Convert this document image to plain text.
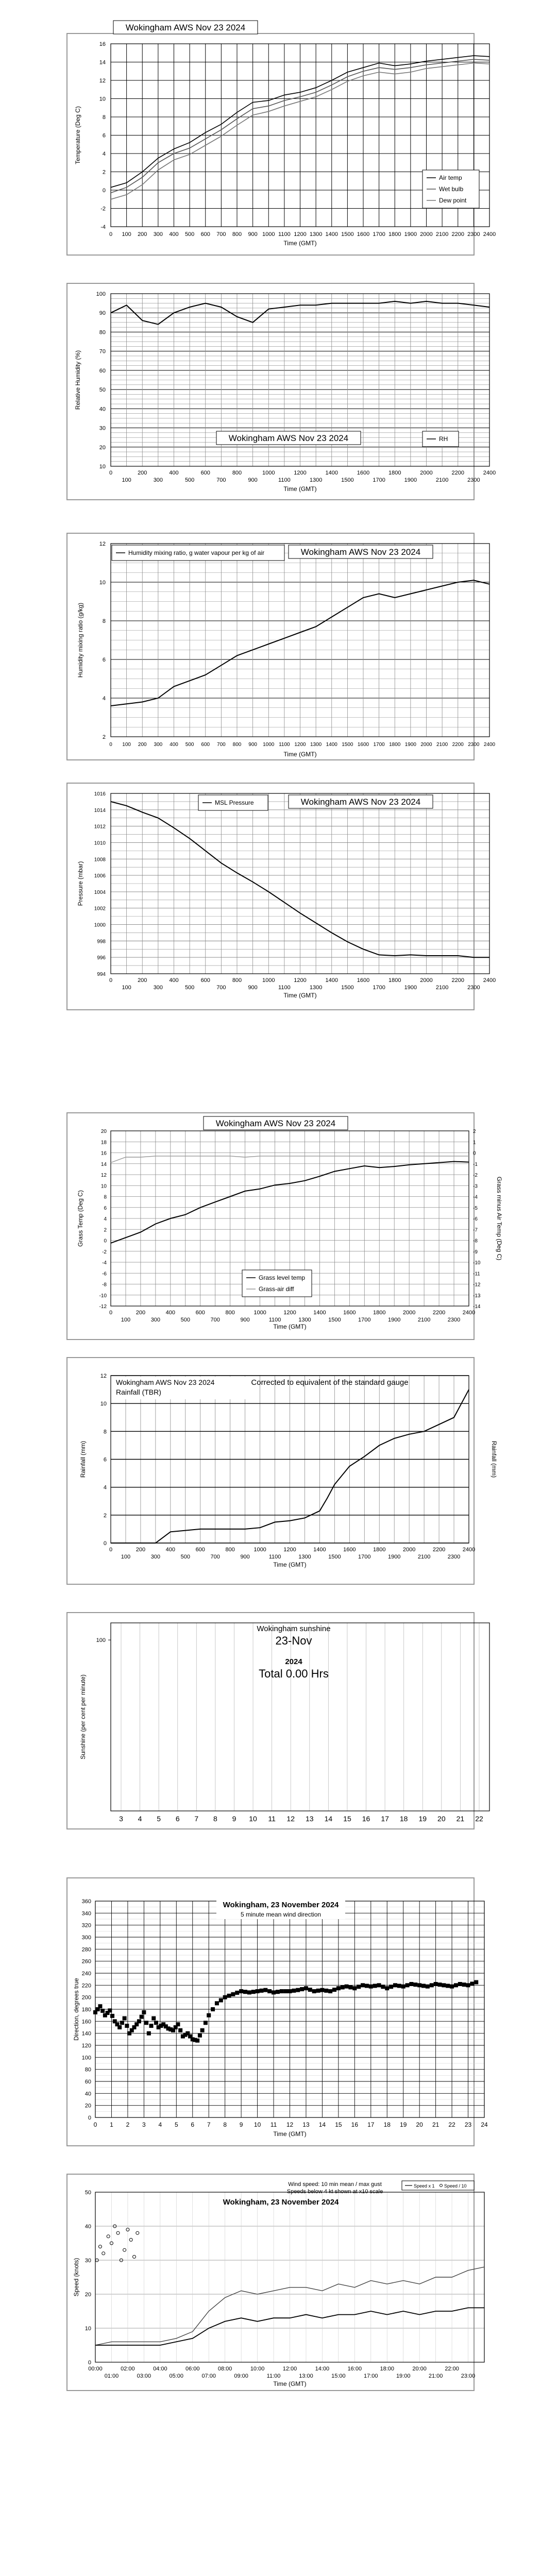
-4
-2
0
2
4
6
8
10
12
14
16
0 100 200 300 400 500 600 700 800 900 1000 1100 1200 1300 1400 1500 1600 1700 1800 1900 2000 2100 2200 2300 2400
Time (GMT)
Temperature (Deg C)
Wokingham AWS Nov 23 2024
Air temp
Wet bulb
Dew point
10
20
30
40
50
60
70
80
90
100
0	200	400	600	800	1000	1200	1400	1600	1800	2000	2200	2400
100	300	500	700	900	1100	1300	1500	1700	1900	2100	2300
Time (GMT)
Relative Humidity (%)
Wokingham AWS Nov 23 2024	RH
2
4
6
8
10
12
0 100 200 300 400 500 600 700 800 900 1000 1100 1200 1300 1400 1500 1600 1700 1800 1900 2000 2100 2200 2300 2400
Time (GMT)
Humidity mixing ratio (g/kg)
Humidity mixing ratio, g water vapour per kg of air	Wokingham AWS Nov 23 2024
994
996
998
1000
1002
1004
1006
1008
1010
1012
1014
1016
0	200	400	600	800	1000	1200	1400	1600	1800	2000	2200	2400
100	300	500	700	900	1100	1300	1500	1700	1900	2100	2300
Time (GMT)
Pressure (mbar)
MSL Pressure	Wokingham AWS Nov 23 2024
-12
-10
-8
-6
-4
-2
0
2
4
6
8
10
12
14
16
18
20
-14
-13
-12
-11
-10
-9
-8
-7
-6
-5
-4
-3
-2
-1
0
1
2
0	200	400	600	800	1000	1200	1400	1600	1800	2000	2200	2400
100	300	500	700	900	1100	1300	1500	1700	1900	2100	2300
Time (GMT)
Grass Temp (Deg C)	Grass minus Air Temp (Deg C)
Wokingham AWS Nov 23 2024
Grass level temp
Grass-air diff
0
2
4
6
8
10
12
0	200	400	600	800	1000	1200	1400	1600	1800	2000	2200	2400
100	300	500	700	900	1100	1300	1500	1700	1900	2100	2300
Time (GMT)
Rainfall (mm)	Rainfall (mm)
Wokingham AWS Nov 23 2024
Rainfall (TBR)
Corrected to equivalent of the standard gauge
3 4 5 6 7 8 9 10 11 12 13 14 15 16 17 18 19 20 21 22
100
Sunshine (per cent per minute)
Wokingham sunshine
23-Nov
2024
Total 0.00 Hrs
0
20
40
60
80
100
120
140
160
180
200
220
240
260
280
300
320
340
360
0 1 2 3 4 5 6 7 8 9 10 11 12 13 14 15 16 17 18 19 20 21 22 23 24
Time (GMT)
Direction, degrees true
Wokingham, 23 November 2024
5 minute mean wind direction
0
10
20
30
40
50
00:00	02:00	04:00	06:00	08:00	10:00	12:00	14:00	16:00	18:00	20:00	22:00
01:00	03:00	05:00	07:00	09:00	11:00	13:00	15:00	17:00	19:00	21:00	23:00
Time (GMT)
Speed (knots)
Wind speed: 10 min mean / max gust
Speeds below 4 kt shown at x10 scale
Wokingham, 23 November 2024
Speed x 1 Speed / 10
